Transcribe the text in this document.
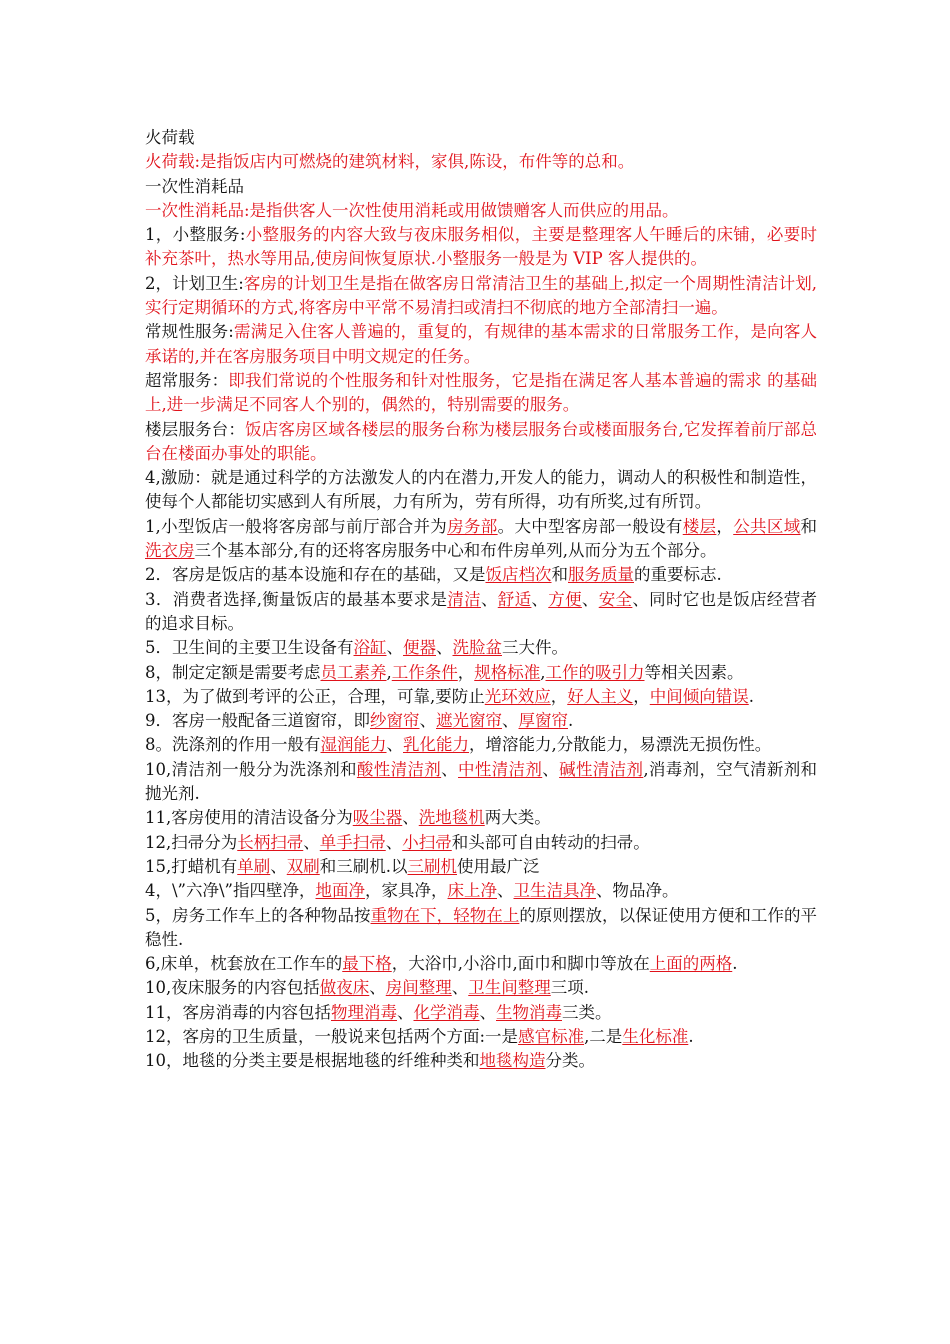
火荷载

火荷载:是指饭店内可燃烧的建筑材料，家俱,陈设，布件等的总和。

一次性消耗品

一次性消耗品:是指供客人一次性使用消耗或用做馈赠客人而供应的用品。

1，小整服务:小整服务的内容大致与夜床服务相似，主要是整理客人午睡后的床铺，必要时补充茶叶，热水等用品,使房间恢复原状.小整服务一般是为 VIP 客人提供的。

2，计划卫生:客房的计划卫生是指在做客房日常清洁卫生的基础上,拟定一个周期性清洁计划,实行定期循环的方式,将客房中平常不易清扫或清扫不彻底的地方全部清扫一遍。

常规性服务:需满足入住客人普遍的，重复的，有规律的基本需求的日常服务工作，是向客人承诺的,并在客房服务项目中明文规定的任务。

超常服务：即我们常说的个性服务和针对性服务，它是指在满足客人基本普遍的需求 的基础上,进一步满足不同客人个别的，偶然的，特别需要的服务。

楼层服务台：饭店客房区域各楼层的服务台称为楼层服务台或楼面服务台,它发挥着前厅部总台在楼面办事处的职能。

4,激励：就是通过科学的方法激发人的内在潜力,开发人的能力，调动人的积极性和制造性，使每个人都能切实感到人有所展，力有所为，劳有所得，功有所奖,过有所罚。

1,小型饭店一般将客房部与前厅部合并为房务部。大中型客房部一般设有楼层，公共区域和洗衣房三个基本部分,有的还将客房服务中心和布件房单列,从而分为五个部分。

2．客房是饭店的基本设施和存在的基础，又是饭店档次和服务质量的重要标志.

3．消费者选择,衡量饭店的最基本要求是清洁、舒适、方便、安全、同时它也是饭店经营者的追求目标。

5．卫生间的主要卫生设备有浴缸、便器、洗脸盆三大件。

8，制定定额是需要考虑员工素养,工作条件，规格标准,工作的吸引力等相关因素。

13，为了做到考评的公正，合理，可靠,要防止光环效应，好人主义，中间倾向错误.

9．客房一般配备三道窗帘，即纱窗帘、遮光窗帘、厚窗帘.

8。洗涤剂的作用一般有湿润能力、乳化能力，增溶能力,分散能力，易漂洗无损伤性。

10,清洁剂一般分为洗涤剂和酸性清洁剂、中性清洁剂、碱性清洁剂,消毒剂，空气清新剂和抛光剂.

11,客房使用的清洁设备分为吸尘器、洗地毯机两大类。

12,扫帚分为长柄扫帚、单手扫帚、小扫帚和头部可自由转动的扫帚。

15,打蜡机有单刷、双刷和三刷机.以三刷机使用最广泛

4，\”六净\”指四壁净，地面净，家具净，床上净、卫生洁具净、物品净。

5，房务工作车上的各种物品按重物在下，轻物在上的原则摆放，以保证使用方便和工作的平稳性.

6,床单，枕套放在工作车的最下格，大浴巾,小浴巾,面巾和脚巾等放在上面的两格.

10,夜床服务的内容包括做夜床、房间整理、卫生间整理三项.

11，客房消毒的内容包括物理消毒、化学消毒、生物消毒三类。

12，客房的卫生质量，一般说来包括两个方面:一是感官标准,二是生化标准.

10，地毯的分类主要是根据地毯的纤维种类和地毯构造分类。
